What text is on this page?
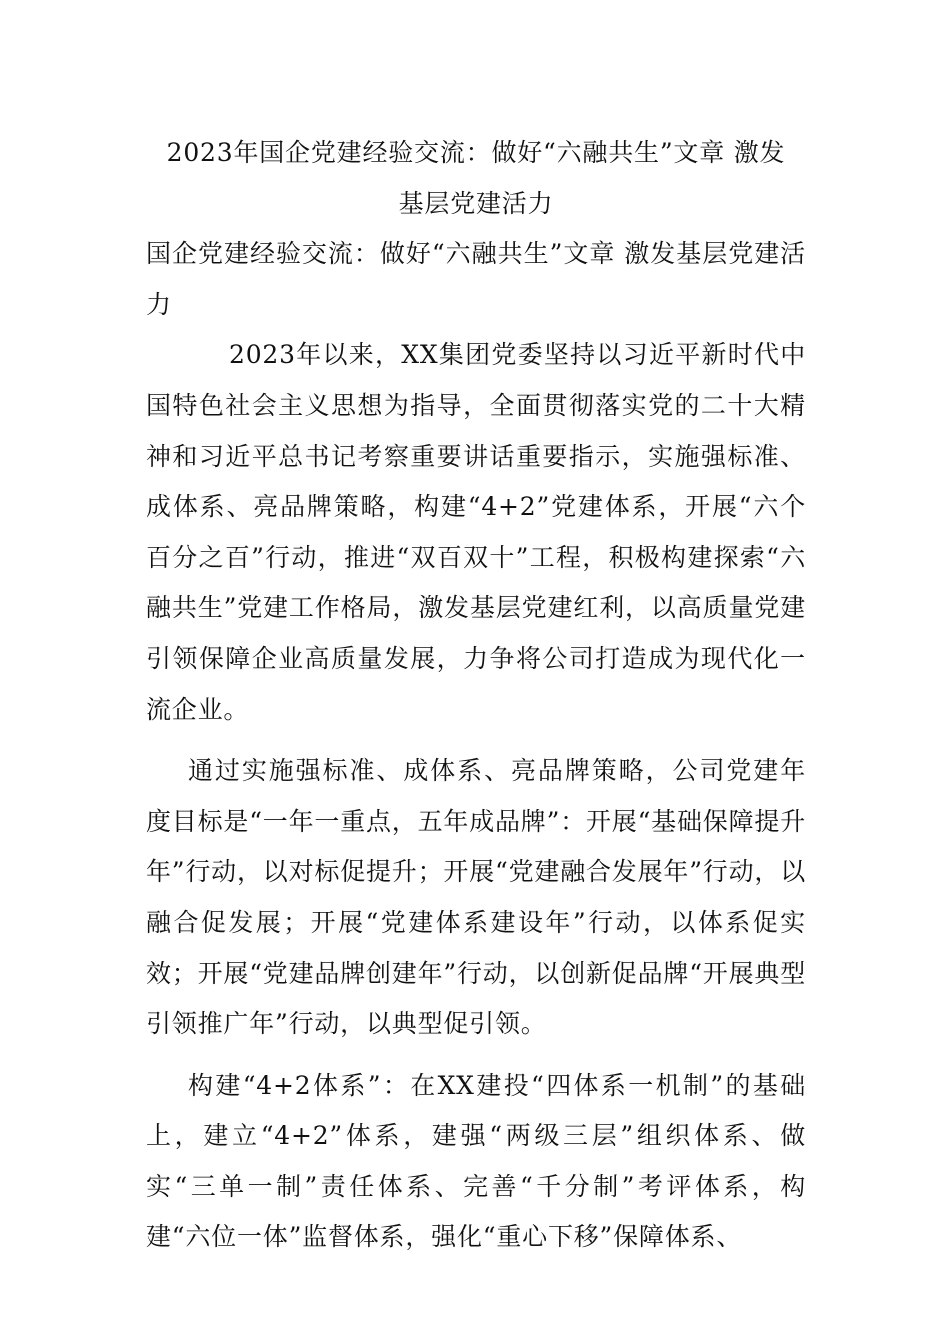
2023年国企党建经验交流：做好“六融共生”文章 激发
基层党建活力

国企党建经验交流：做好“六融共生”文章 激发基层党建活力

2023年以来，XX集团党委坚持以习近平新时代中国特色社会主义思想为指导，全面贯彻落实党的二十大精神和习近平总书记考察重要讲话重要指示，实施强标准、成体系、亮品牌策略，构建“4+2”党建体系，开展“六个百分之百”行动，推进“双百双十”工程，积极构建探索“六融共生”党建工作格局，激发基层党建红利，以高质量党建引领保障企业高质量发展，力争将公司打造成为现代化一流企业。

通过实施强标准、成体系、亮品牌策略，公司党建年度目标是“一年一重点，五年成品牌”：开展“基础保障提升年”行动，以对标促提升；开展“党建融合发展年”行动，以融合促发展；开展“党建体系建设年”行动，以体系促实效；开展“党建品牌创建年”行动，以创新促品牌“开展典型引领推广年”行动，以典型促引领。

构建“4+2体系”：在XX建投“四体系一机制”的基础上，建立“4+2”体系，建强“两级三层”组织体系、做实“三单一制”责任体系、完善“千分制”考评体系，构建“六位一体”监督体系，强化“重心下移”保障体系、
